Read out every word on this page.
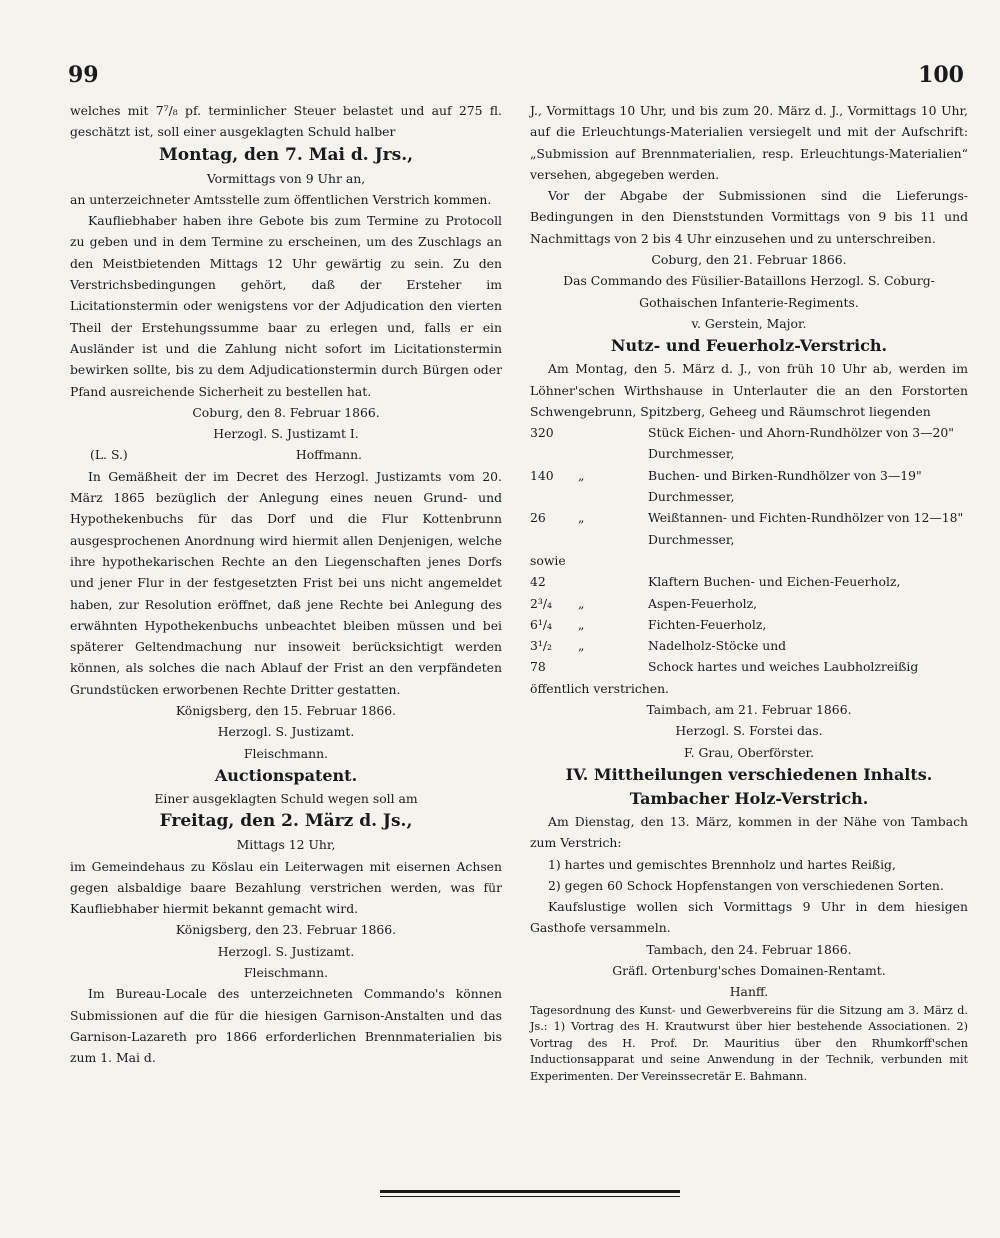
99	100

welches mit 7⁷/₈ pf. terminlicher Steuer belastet und auf 275 fl. geschätzt ist, soll einer ausgeklagten Schuld halber

Montag, den 7. Mai d. Jrs.,

Vormittags von 9 Uhr an,

an unterzeichneter Amtsstelle zum öffentlichen Verstrich kommen.

Kaufliebhaber haben ihre Gebote bis zum Termine zu Protocoll zu geben und in dem Termine zu erscheinen, um des Zuschlags an den Meistbietenden Mittags 12 Uhr gewärtig zu sein. Zu den Verstrichsbedingungen gehört, daß der Ersteher im Licitationstermin oder wenigstens vor der Adjudication den vierten Theil der Erstehungssumme baar zu erlegen und, falls er ein Ausländer ist und die Zahlung nicht sofort im Licitationstermin bewirken sollte, bis zu dem Adjudicationstermin durch Bürgen oder Pfand ausreichende Sicherheit zu bestellen hat.

Coburg, den 8. Februar 1866.

Herzogl. S. Justizamt I.

(L. S.)	Hoffmann.

In Gemäßheit der im Decret des Herzogl. Justizamts vom 20. März 1865 bezüglich der Anlegung eines neuen Grund- und Hypothekenbuchs für das Dorf und die Flur Kottenbrunn ausgesprochenen Anordnung wird hiermit allen Denjenigen, welche ihre hypothekarischen Rechte an den Liegenschaften jenes Dorfs und jener Flur in der festgesetzten Frist bei uns nicht angemeldet haben, zur Resolution eröffnet, daß jene Rechte bei Anlegung des erwähnten Hypothekenbuchs unbeachtet bleiben müssen und bei späterer Geltendmachung nur insoweit berücksichtigt werden können, als solches die nach Ablauf der Frist an den verpfändeten Grundstücken erworbenen Rechte Dritter gestatten.

Königsberg, den 15. Februar 1866.

Herzogl. S. Justizamt.

Fleischmann.

Auctionspatent.

Einer ausgeklagten Schuld wegen soll am

Freitag, den 2. März d. Js.,

Mittags 12 Uhr,

im Gemeindehaus zu Köslau ein Leiterwagen mit eisernen Achsen gegen alsbaldige baare Bezahlung verstrichen werden, was für Kaufliebhaber hiermit bekannt gemacht wird.

Königsberg, den 23. Februar 1866.

Herzogl. S. Justizamt.

Fleischmann.

Im Bureau-Locale des unterzeichneten Commando's können Submissionen auf die für die hiesigen Garnison-Anstalten und das Garnison-Lazareth pro 1866 erforderlichen Brennmaterialien bis zum 1. Mai d.

J., Vormittags 10 Uhr, und bis zum 20. März d. J., Vormittags 10 Uhr, auf die Erleuchtungs-Materialien versiegelt und mit der Aufschrift: „Submission auf Brennmaterialien, resp. Erleuchtungs-Materialien“ versehen, abgegeben werden.

Vor der Abgabe der Submissionen sind die Lieferungs-Bedingungen in den Dienststunden Vormittags von 9 bis 11 und Nachmittags von 2 bis 4 Uhr einzusehen und zu unterschreiben.

Coburg, den 21. Februar 1866.

Das Commando des Füsilier-Bataillons Herzogl. S. Coburg-Gothaischen Infanterie-Regiments.

v. Gerstein, Major.

Nutz- und Feuerholz-Verstrich.

Am Montag, den 5. März d. J., von früh 10 Uhr ab, werden im Löhner'schen Wirthshause in Unterlauter die an den Forstorten Schwengebrunn, Spitzberg, Geheeg und Räumschrot liegenden

320	Stück Eichen- und Ahorn-Rundhölzer von 3—20" Durchmesser,
140	„	Buchen- und Birken-Rundhölzer von 3—19" Durchmesser,
26	„	Weißtannen- und Fichten-Rundhölzer von 12—18" Durchmesser,

sowie

42	Klaftern Buchen- und Eichen-Feuerholz,
2³/₄	„	Aspen-Feuerholz,
6¹/₄	„	Fichten-Feuerholz,
3¹/₂	„	Nadelholz-Stöcke und
78	Schock hartes und weiches Laubholzreißig

öffentlich verstrichen.

Taimbach, am 21. Februar 1866.

Herzogl. S. Forstei das.

F. Grau, Oberförster.

IV. Mittheilungen verschiedenen Inhalts.

Tambacher Holz-Verstrich.

Am Dienstag, den 13. März, kommen in der Nähe von Tambach zum Verstrich:

1) hartes und gemischtes Brennholz und hartes Reißig,

2) gegen 60 Schock Hopfenstangen von verschiedenen Sorten.

Kaufslustige wollen sich Vormittags 9 Uhr in dem hiesigen Gasthofe versammeln.

Tambach, den 24. Februar 1866.

Gräfl. Ortenburg'sches Domainen-Rentamt.

Hanff.

Tagesordnung des Kunst- und Gewerbvereins für die Sitzung am 3. März d. Js.: 1) Vortrag des H. Krautwurst über hier bestehende Associationen. 2) Vortrag des H. Prof. Dr. Mauritius über den Rhumkorff'schen Inductionsapparat und seine Anwendung in der Technik, verbunden mit Experimenten. Der Vereinssecretär E. Bahmann.
